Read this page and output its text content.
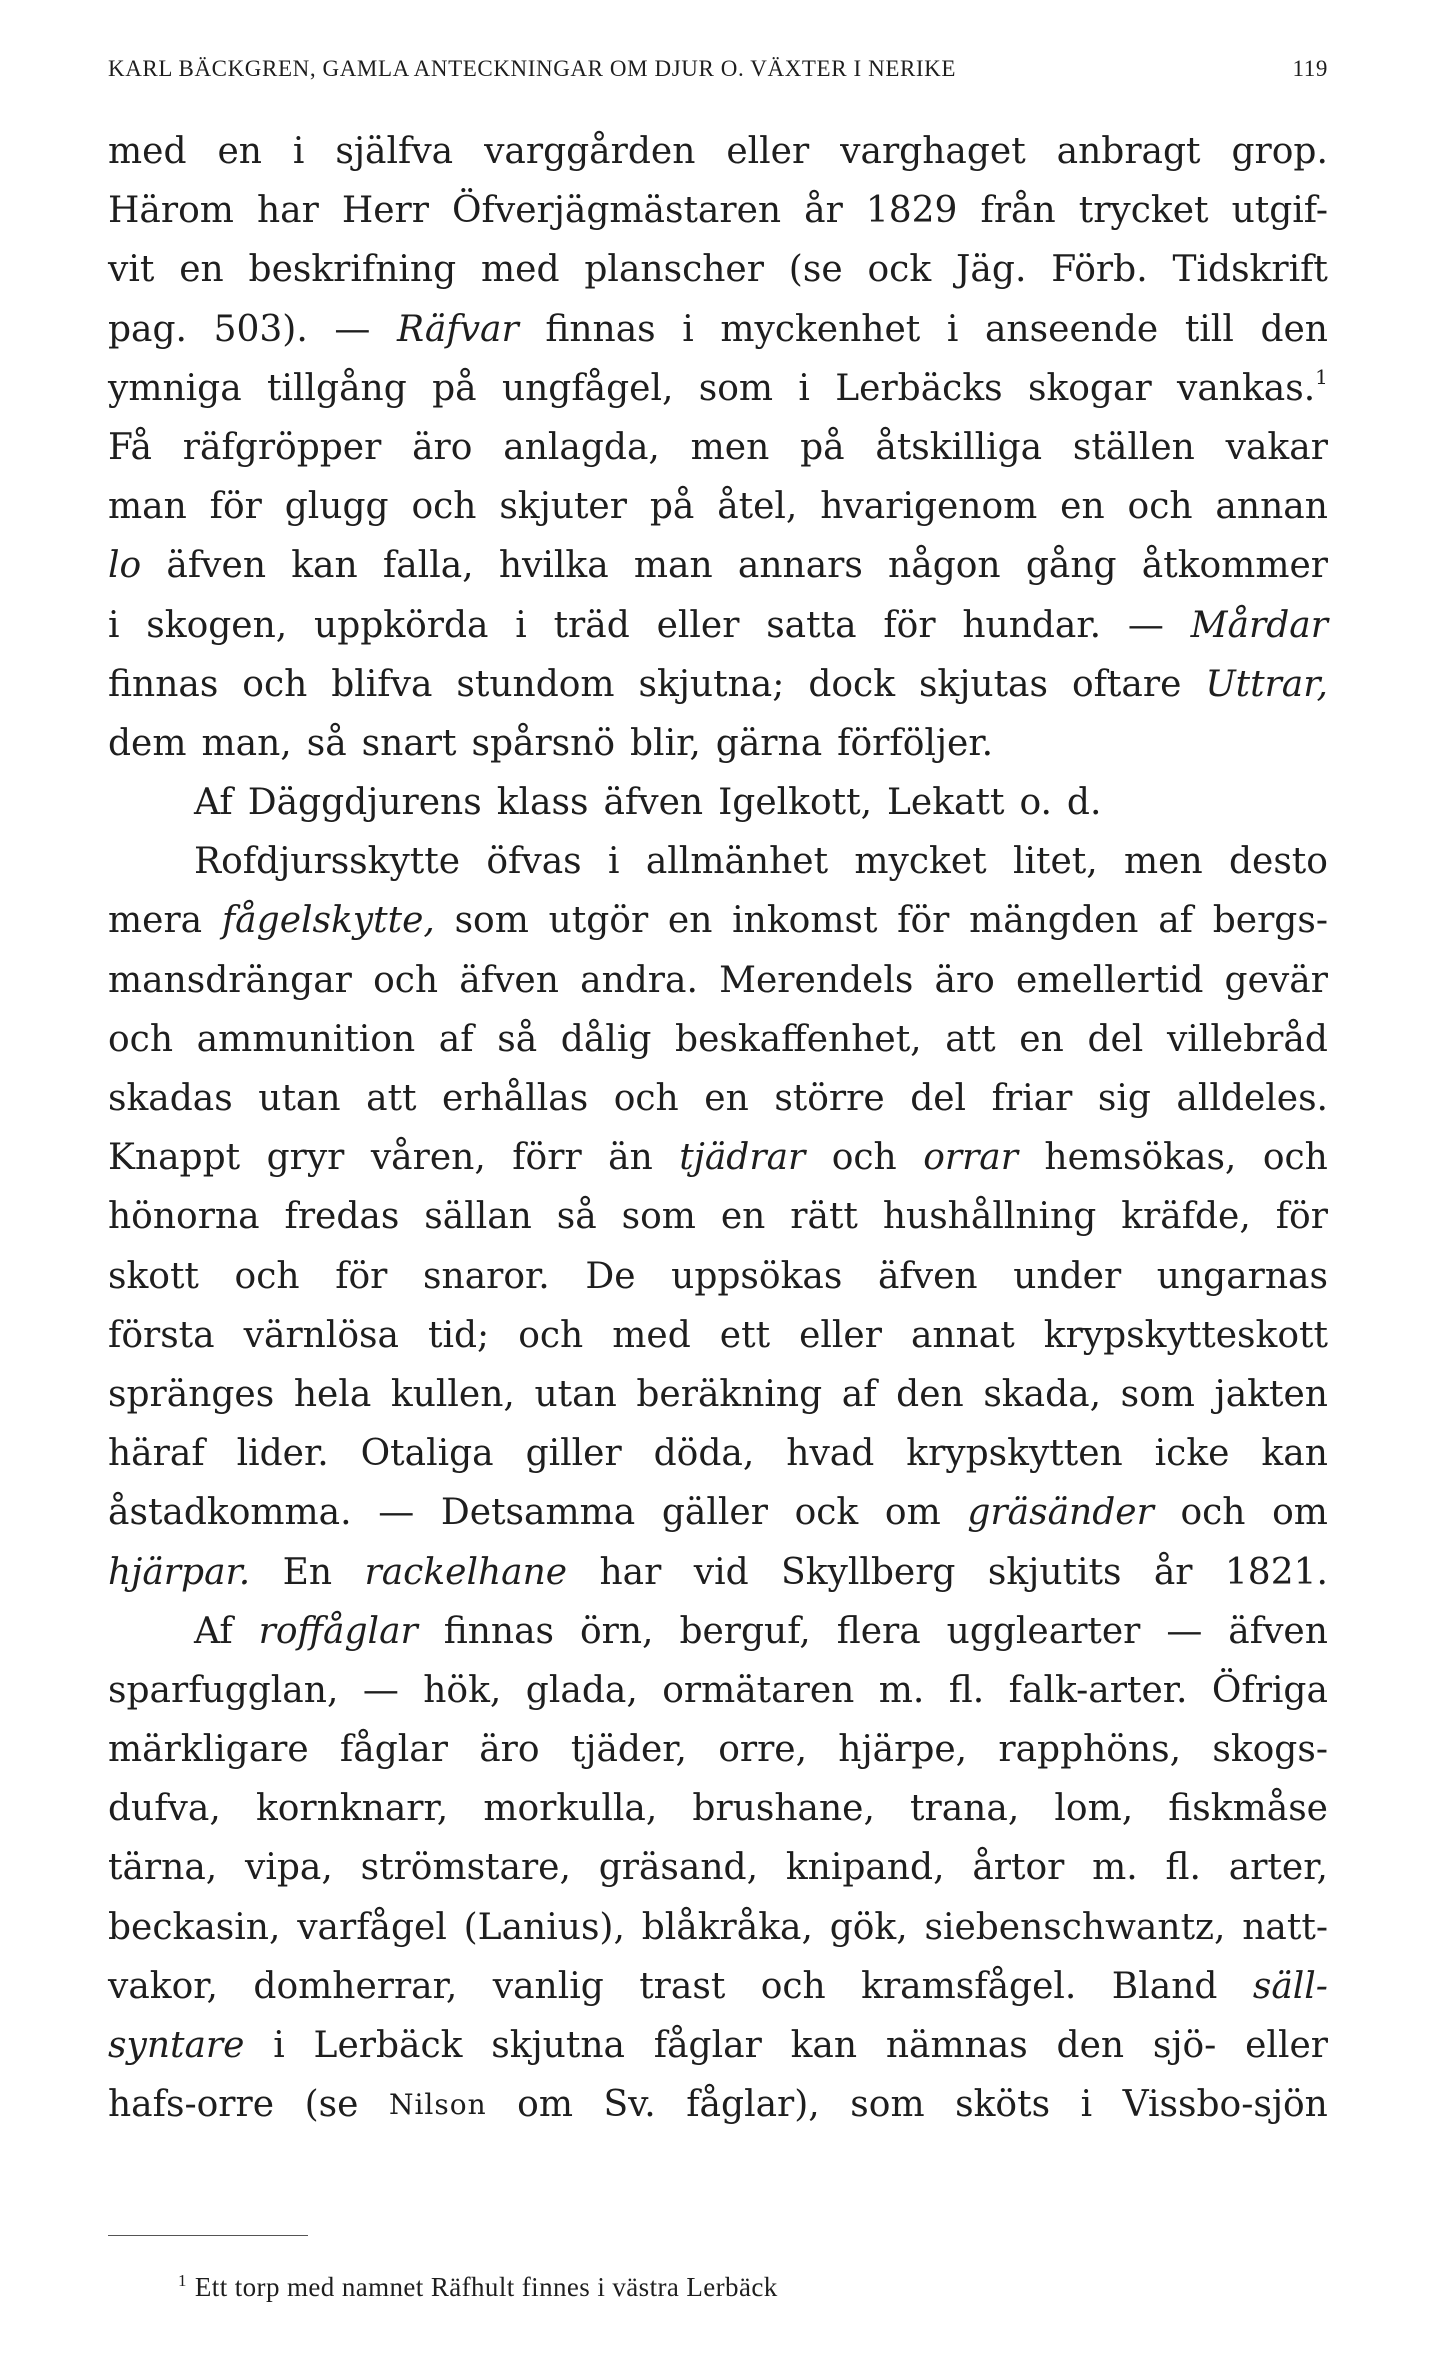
KARL BÄCKGREN, GAMLA ANTECKNINGAR OM DJUR O. VÄXTER I NERIKE	119
med en i själfva varggården eller varghaget anbragt grop.
Härom har Herr Öfverjägmästaren år 1829 från trycket utgif-
vit en beskrifning med planscher (se ock Jäg. Förb. Tidskrift
pag. 503). — Räfvar finnas i myckenhet i anseende till den
ymniga tillgång på ungfågel, som i Lerbäcks skogar vankas.$^1$
Få räfgröpper äro anlagda, men på åtskilliga ställen vakar
man för glugg och skjuter på åtel, hvarigenom en och annan
lo äfven kan falla, hvilka man annars någon gång åtkommer
i skogen, uppkörda i träd eller satta för hundar. — Mårdar
finnas och blifva stundom skjutna; dock skjutas oftare Uttrar,
dem man, så snart spårsnö blir, gärna förföljer.
Af Däggdjurens klass äfven Igelkott, Lekatt o. d.
Rofdjursskytte öfvas i allmänhet mycket litet, men desto
mera fågelskytte, som utgör en inkomst för mängden af bergs-
mansdrängar och äfven andra. Merendels äro emellertid gevär
och ammunition af så dålig beskaffenhet, att en del villebråd
skadas utan att erhållas och en större del friar sig alldeles.
Knappt gryr våren, förr än tjädrar och orrar hemsökas, och
hönorna fredas sällan så som en rätt hushållning kräfde, för
skott och för snaror. De uppsökas äfven under ungarnas
första värnlösa tid; och med ett eller annat krypskytteskott
spränges hela kullen, utan beräkning af den skada, som jakten
häraf lider. Otaliga giller döda, hvad krypskytten icke kan
åstadkomma. — Detsamma gäller ock om gräsänder och om
hjärpar. En rackelhane har vid Skyllberg skjutits år 1821.
Af roffåglar finnas örn, berguf, flera ugglearter — äfven
sparfugglan, — hök, glada, ormätaren m. fl. falk-arter. Öfriga
märkligare fåglar äro tjäder, orre, hjärpe, rapphöns, skogs-
dufva, kornknarr, morkulla, brushane, trana, lom, fiskmåse
tärna, vipa, strömstare, gräsand, knipand, årtor m. fl. arter,
beckasin, varfågel (Lanius), blåkråka, gök, siebenschwantz, natt-
vakor, domherrar, vanlig trast och kramsfågel. Bland säll-
syntare i Lerbäck skjutna fåglar kan nämnas den sjö- eller
hafs-orre (se Nilson om Sv. fåglar), som sköts i Vissbo-sjön
$^1$ Ett torp med namnet Räfhult finnes i västra Lerbäck
